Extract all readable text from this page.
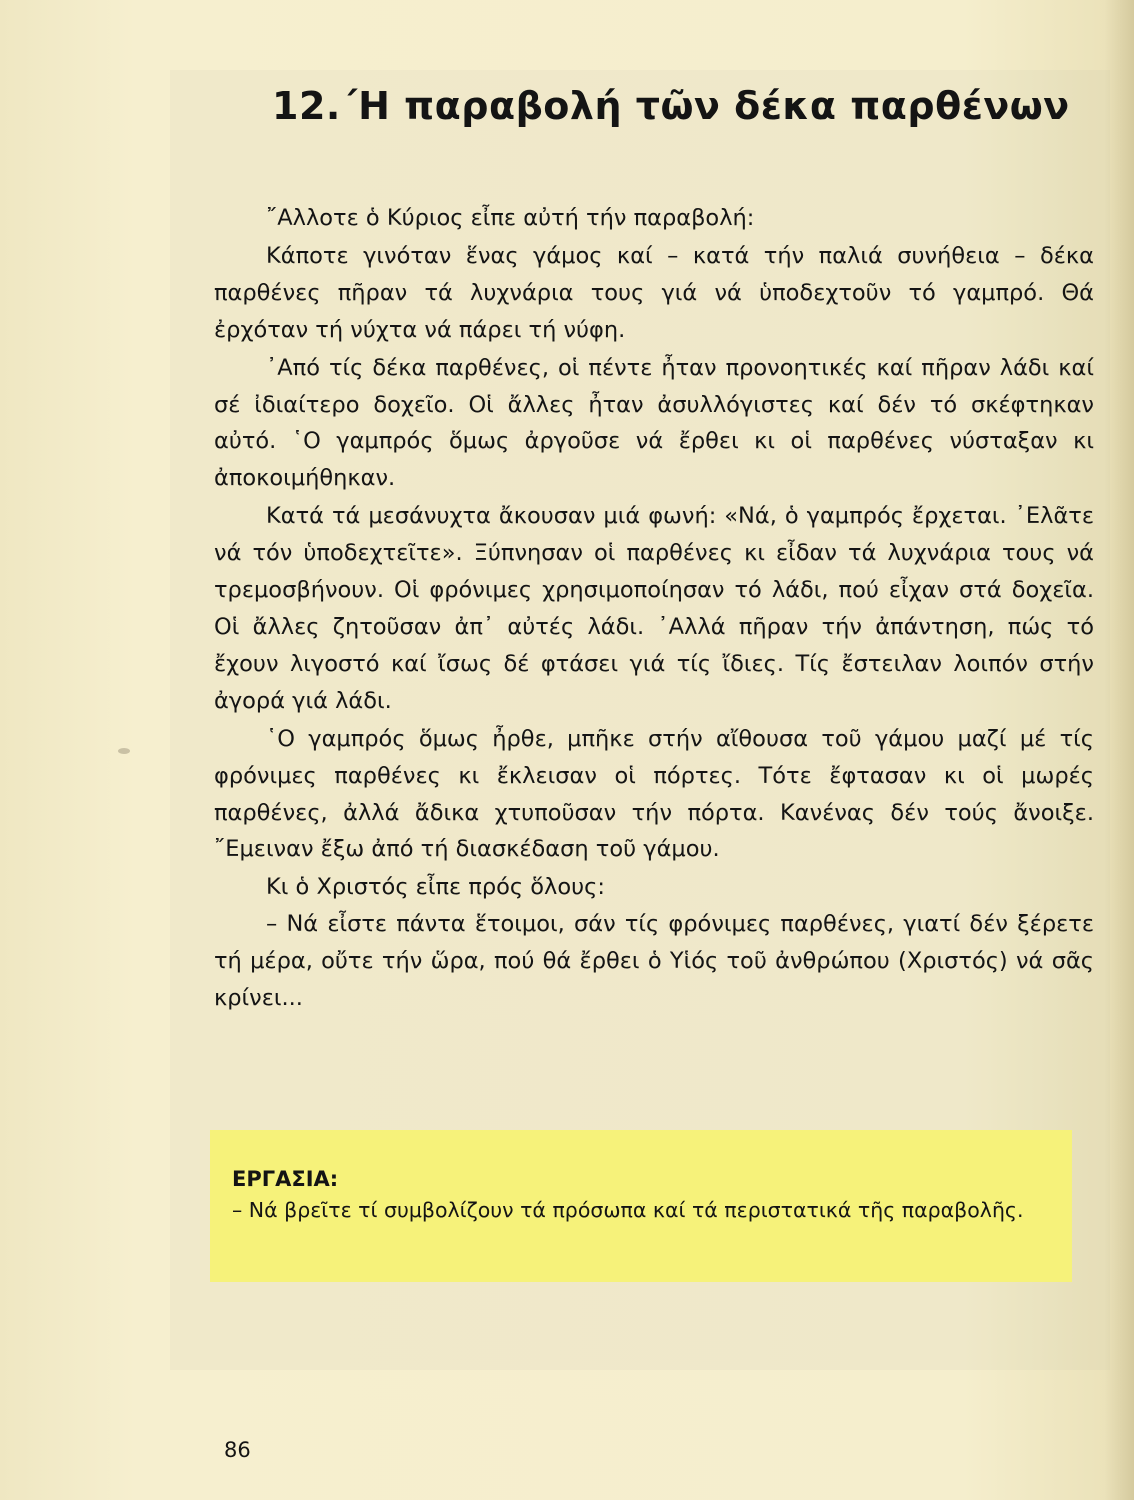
12.΄Η παραβολή τῶν δέκα παρθένων

῎Αλλοτε ὁ Κύριος εἶπε αὐτή τήν παραβολή:

Κάποτε γινόταν ἕνας γάμος καί – κατά τήν παλιά συνήθεια – δέκα παρθένες πῆραν τά λυχνάρια τους γιά νά ὑποδεχτοῦν τό γαμπρό. Θά ἐρχόταν τή νύχτα νά πάρει τή νύφη.

᾿Από τίς δέκα παρθένες, οἱ πέντε ἦταν προνοητικές καί πῆραν λάδι καί σέ ἰδιαίτερο δοχεῖο. Οἱ ἄλλες ἦταν ἀσυλλόγιστες καί δέν τό σκέφτηκαν αὐτό. ῾Ο γαμπρός ὅμως ἀργοῦσε νά ἔρθει κι οἱ παρθένες νύσταξαν κι ἀποκοιμήθηκαν.

Κατά τά μεσάνυχτα ἄκουσαν μιά φωνή: «Νά, ὁ γαμπρός ἔρχεται. ᾿Ελᾶτε νά τόν ὑποδεχτεῖτε». Ξύπνησαν οἱ παρθένες κι εἶδαν τά λυχνάρια τους νά τρεμοσβήνουν. Οἱ φρόνιμες χρησιμοποίησαν τό λάδι, πού εἶχαν στά δοχεῖα. Οἱ ἄλλες ζητοῦσαν ἀπ᾿ αὐτές λάδι. ᾿Αλλά πῆραν τήν ἀπάντηση, πώς τό ἔχουν λιγοστό καί ἴσως δέ φτάσει γιά τίς ἴδιες. Τίς ἔστειλαν λοιπόν στήν ἀγορά γιά λάδι.

῾Ο γαμπρός ὅμως ἦρθε, μπῆκε στήν αἴθουσα τοῦ γάμου μαζί μέ τίς φρόνιμες παρθένες κι ἔκλεισαν οἱ πόρτες. Τότε ἔφτασαν κι οἱ μωρές παρθένες, ἀλλά ἄδικα χτυποῦσαν τήν πόρτα. Κανένας δέν τούς ἄνοιξε. ῎Εμειναν ἔξω ἀπό τή διασκέδαση τοῦ γάμου.

Κι ὁ Χριστός εἶπε πρός ὅλους:

– Νά εἶστε πάντα ἕτοιμοι, σάν τίς φρόνιμες παρθένες, γιατί δέν ξέρετε τή μέρα, οὔτε τήν ὥρα, πού θά ἔρθει ὁ Υἱός τοῦ ἀνθρώπου (Χριστός) νά σᾶς κρίνει...

ΕΡΓΑΣΙΑ:

– Νά βρεῖτε τί συμβολίζουν τά πρόσωπα καί τά περιστατικά τῆς παραβολῆς.

86
